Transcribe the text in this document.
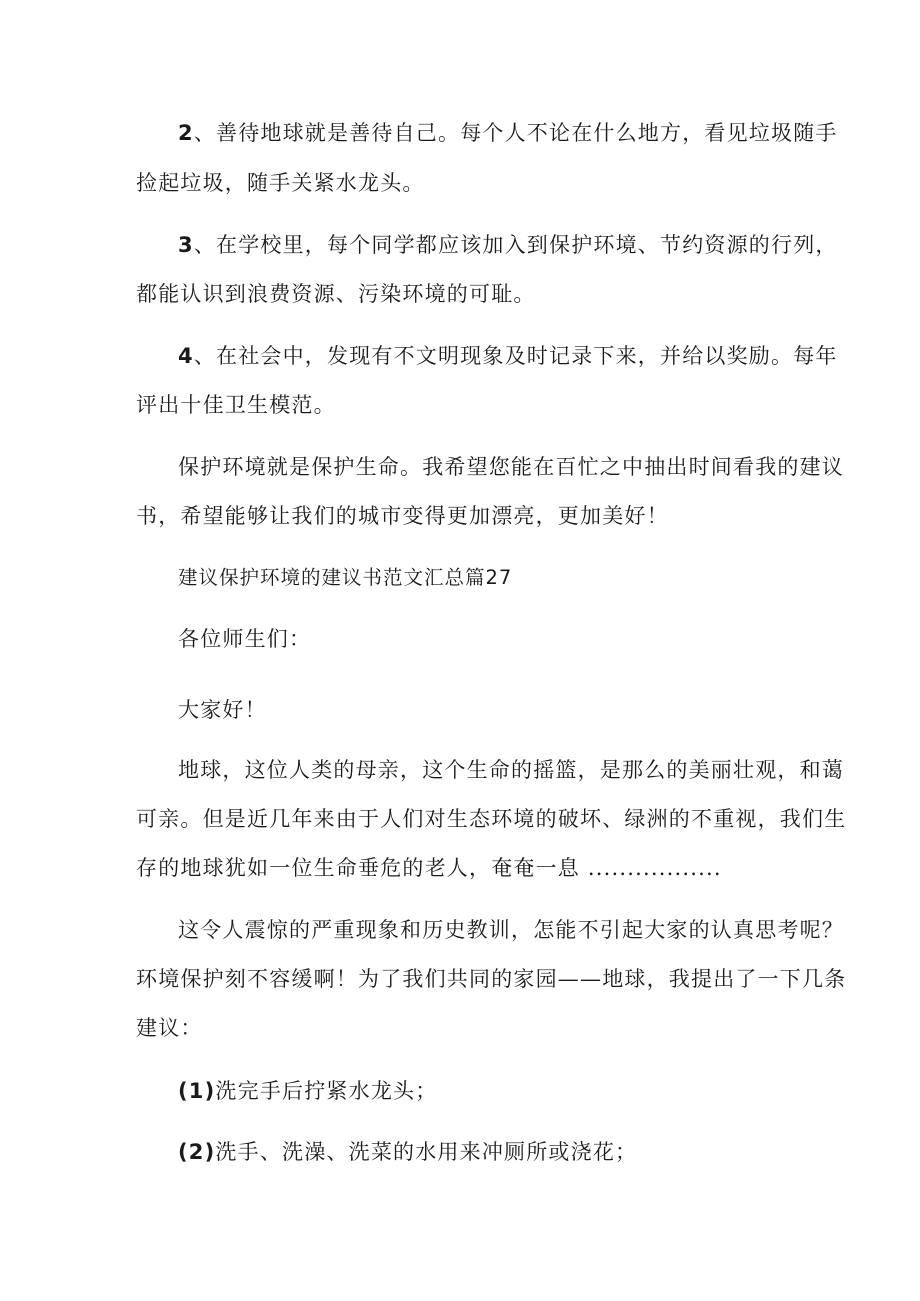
2、善待地球就是善待自己。每个人不论在什么地方，看见垃圾随手
捡起垃圾，随手关紧水龙头。
3、在学校里，每个同学都应该加入到保护环境、节约资源的行列，
都能认识到浪费资源、污染环境的可耻。
4、在社会中，发现有不文明现象及时记录下来，并给以奖励。每年
评出十佳卫生模范。
保护环境就是保护生命。我希望您能在百忙之中抽出时间看我的建议
书，希望能够让我们的城市变得更加漂亮，更加美好！
建议保护环境的建议书范文汇总篇27
各位师生们：
大家好！
地球，这位人类的母亲，这个生命的摇篮，是那么的美丽壮观，和蔼
可亲。但是近几年来由于人们对生态环境的破坏、绿洲的不重视，我们生
存的地球犹如一位生命垂危的老人，奄奄一息 .................
这令人震惊的严重现象和历史教训，怎能不引起大家的认真思考呢？
环境保护刻不容缓啊！为了我们共同的家园——地球，我提出了一下几条
建议：
(1)洗完手后拧紧水龙头；
(2)洗手、洗澡、洗菜的水用来冲厕所或浇花；
